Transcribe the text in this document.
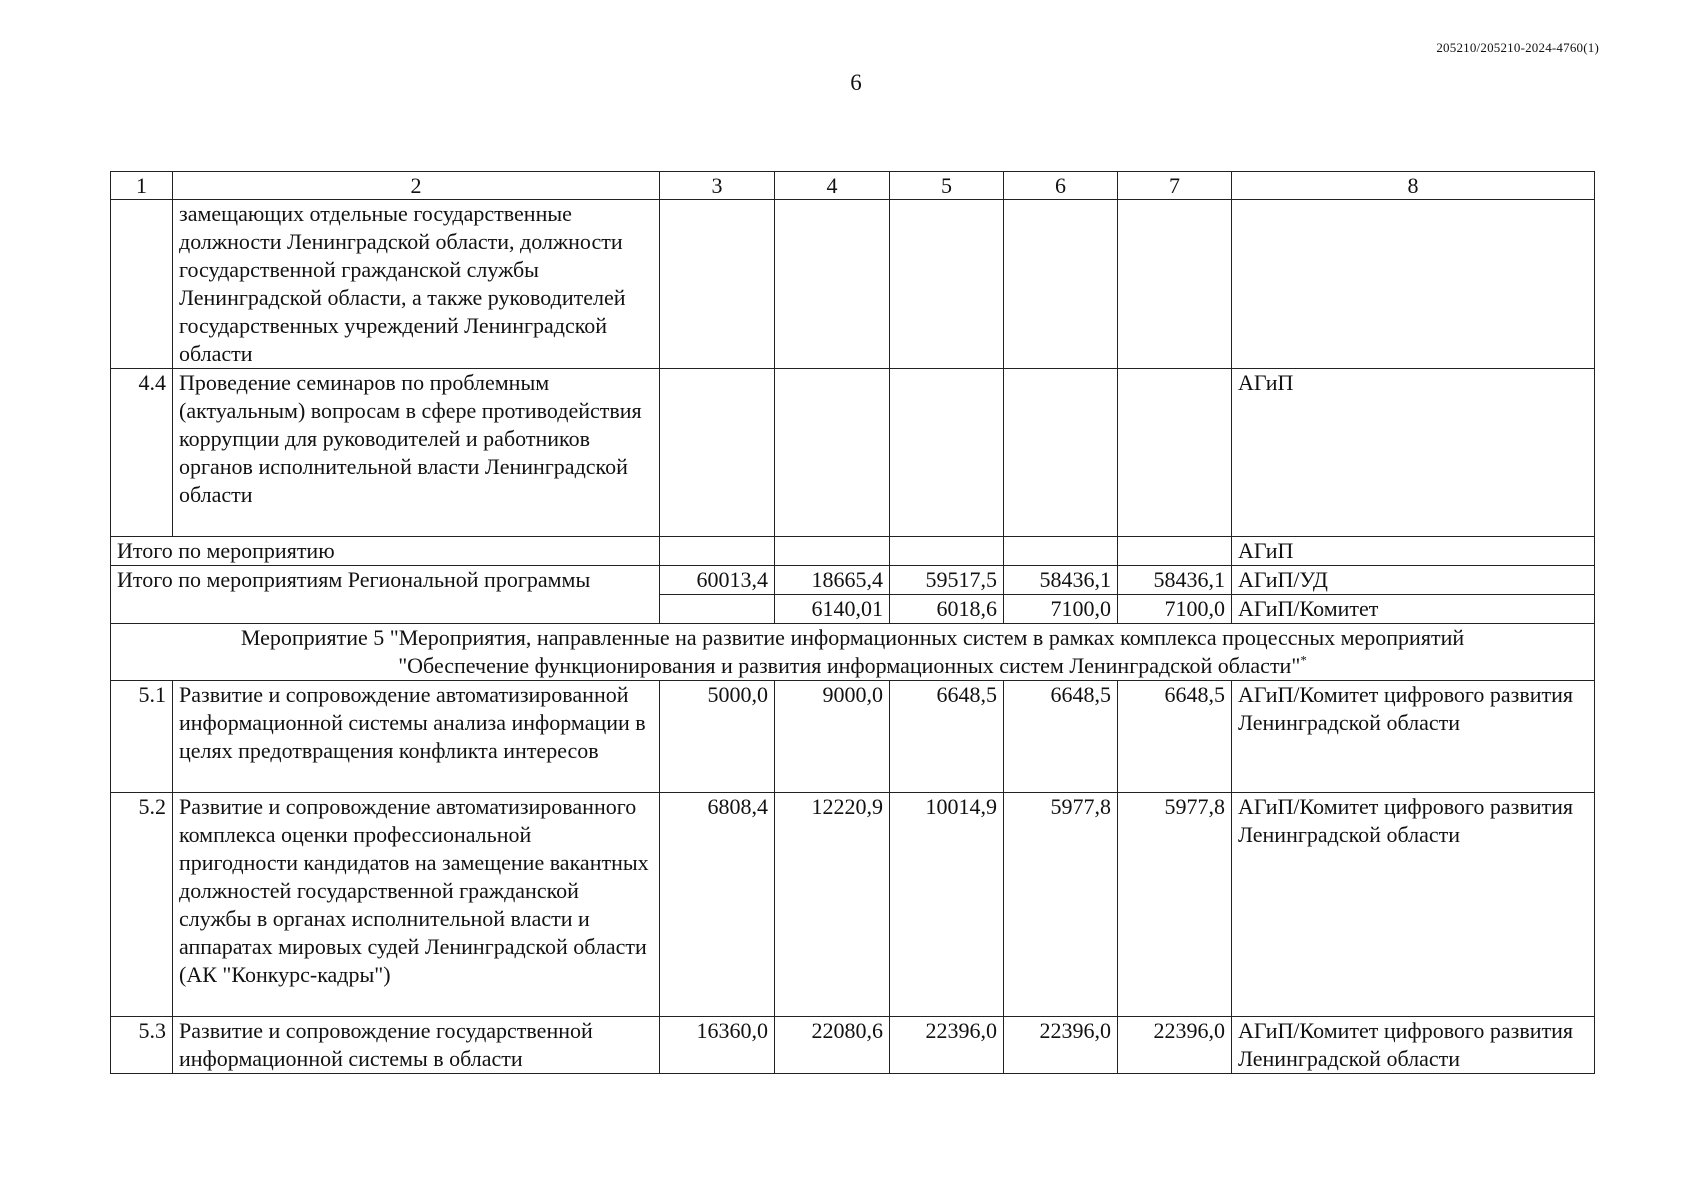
205210/205210-2024-4760(1)
6
1	2	3	4	5	6	7	8
	замещающих отдельные государственные должности Ленинградской области, должности государственной гражданской службы Ленинградской области, а также руководителей государственных учреждений Ленинградской области						
4.4	Проведение семинаров по проблемным (актуальным) вопросам в сфере противодействия коррупции для руководителей и работников органов исполнительной власти Ленинградской области						АГиП
Итого по мероприятию							АГиП
Итого по мероприятиям Региональной программы		60013,4	18665,4	59517,5	58436,1	58436,1	АГиП/УД
			6140,01	6018,6	7100,0	7100,0	АГиП/Комитет
Мероприятие 5 "Мероприятия, направленные на развитие информационных систем в рамках комплекса процессных мероприятий
"Обеспечение функционирования и развития информационных систем Ленинградской области"*
5.1	Развитие и сопровождение автоматизированной информационной системы анализа информации в целях предотвращения конфликта интересов	5000,0	9000,0	6648,5	6648,5	6648,5	АГиП/Комитет цифрового развития Ленинградской области
5.2	Развитие и сопровождение автоматизированного комплекса оценки профессиональной пригодности кандидатов на замещение вакантных должностей государственной гражданской службы в органах исполнительной власти и аппаратах мировых судей Ленинградской области (АК "Конкурс-кадры")	6808,4	12220,9	10014,9	5977,8	5977,8	АГиП/Комитет цифрового развития Ленинградской области
5.3	Развитие и сопровождение государственной информационной системы в области	16360,0	22080,6	22396,0	22396,0	22396,0	АГиП/Комитет цифрового развития Ленинградской области
